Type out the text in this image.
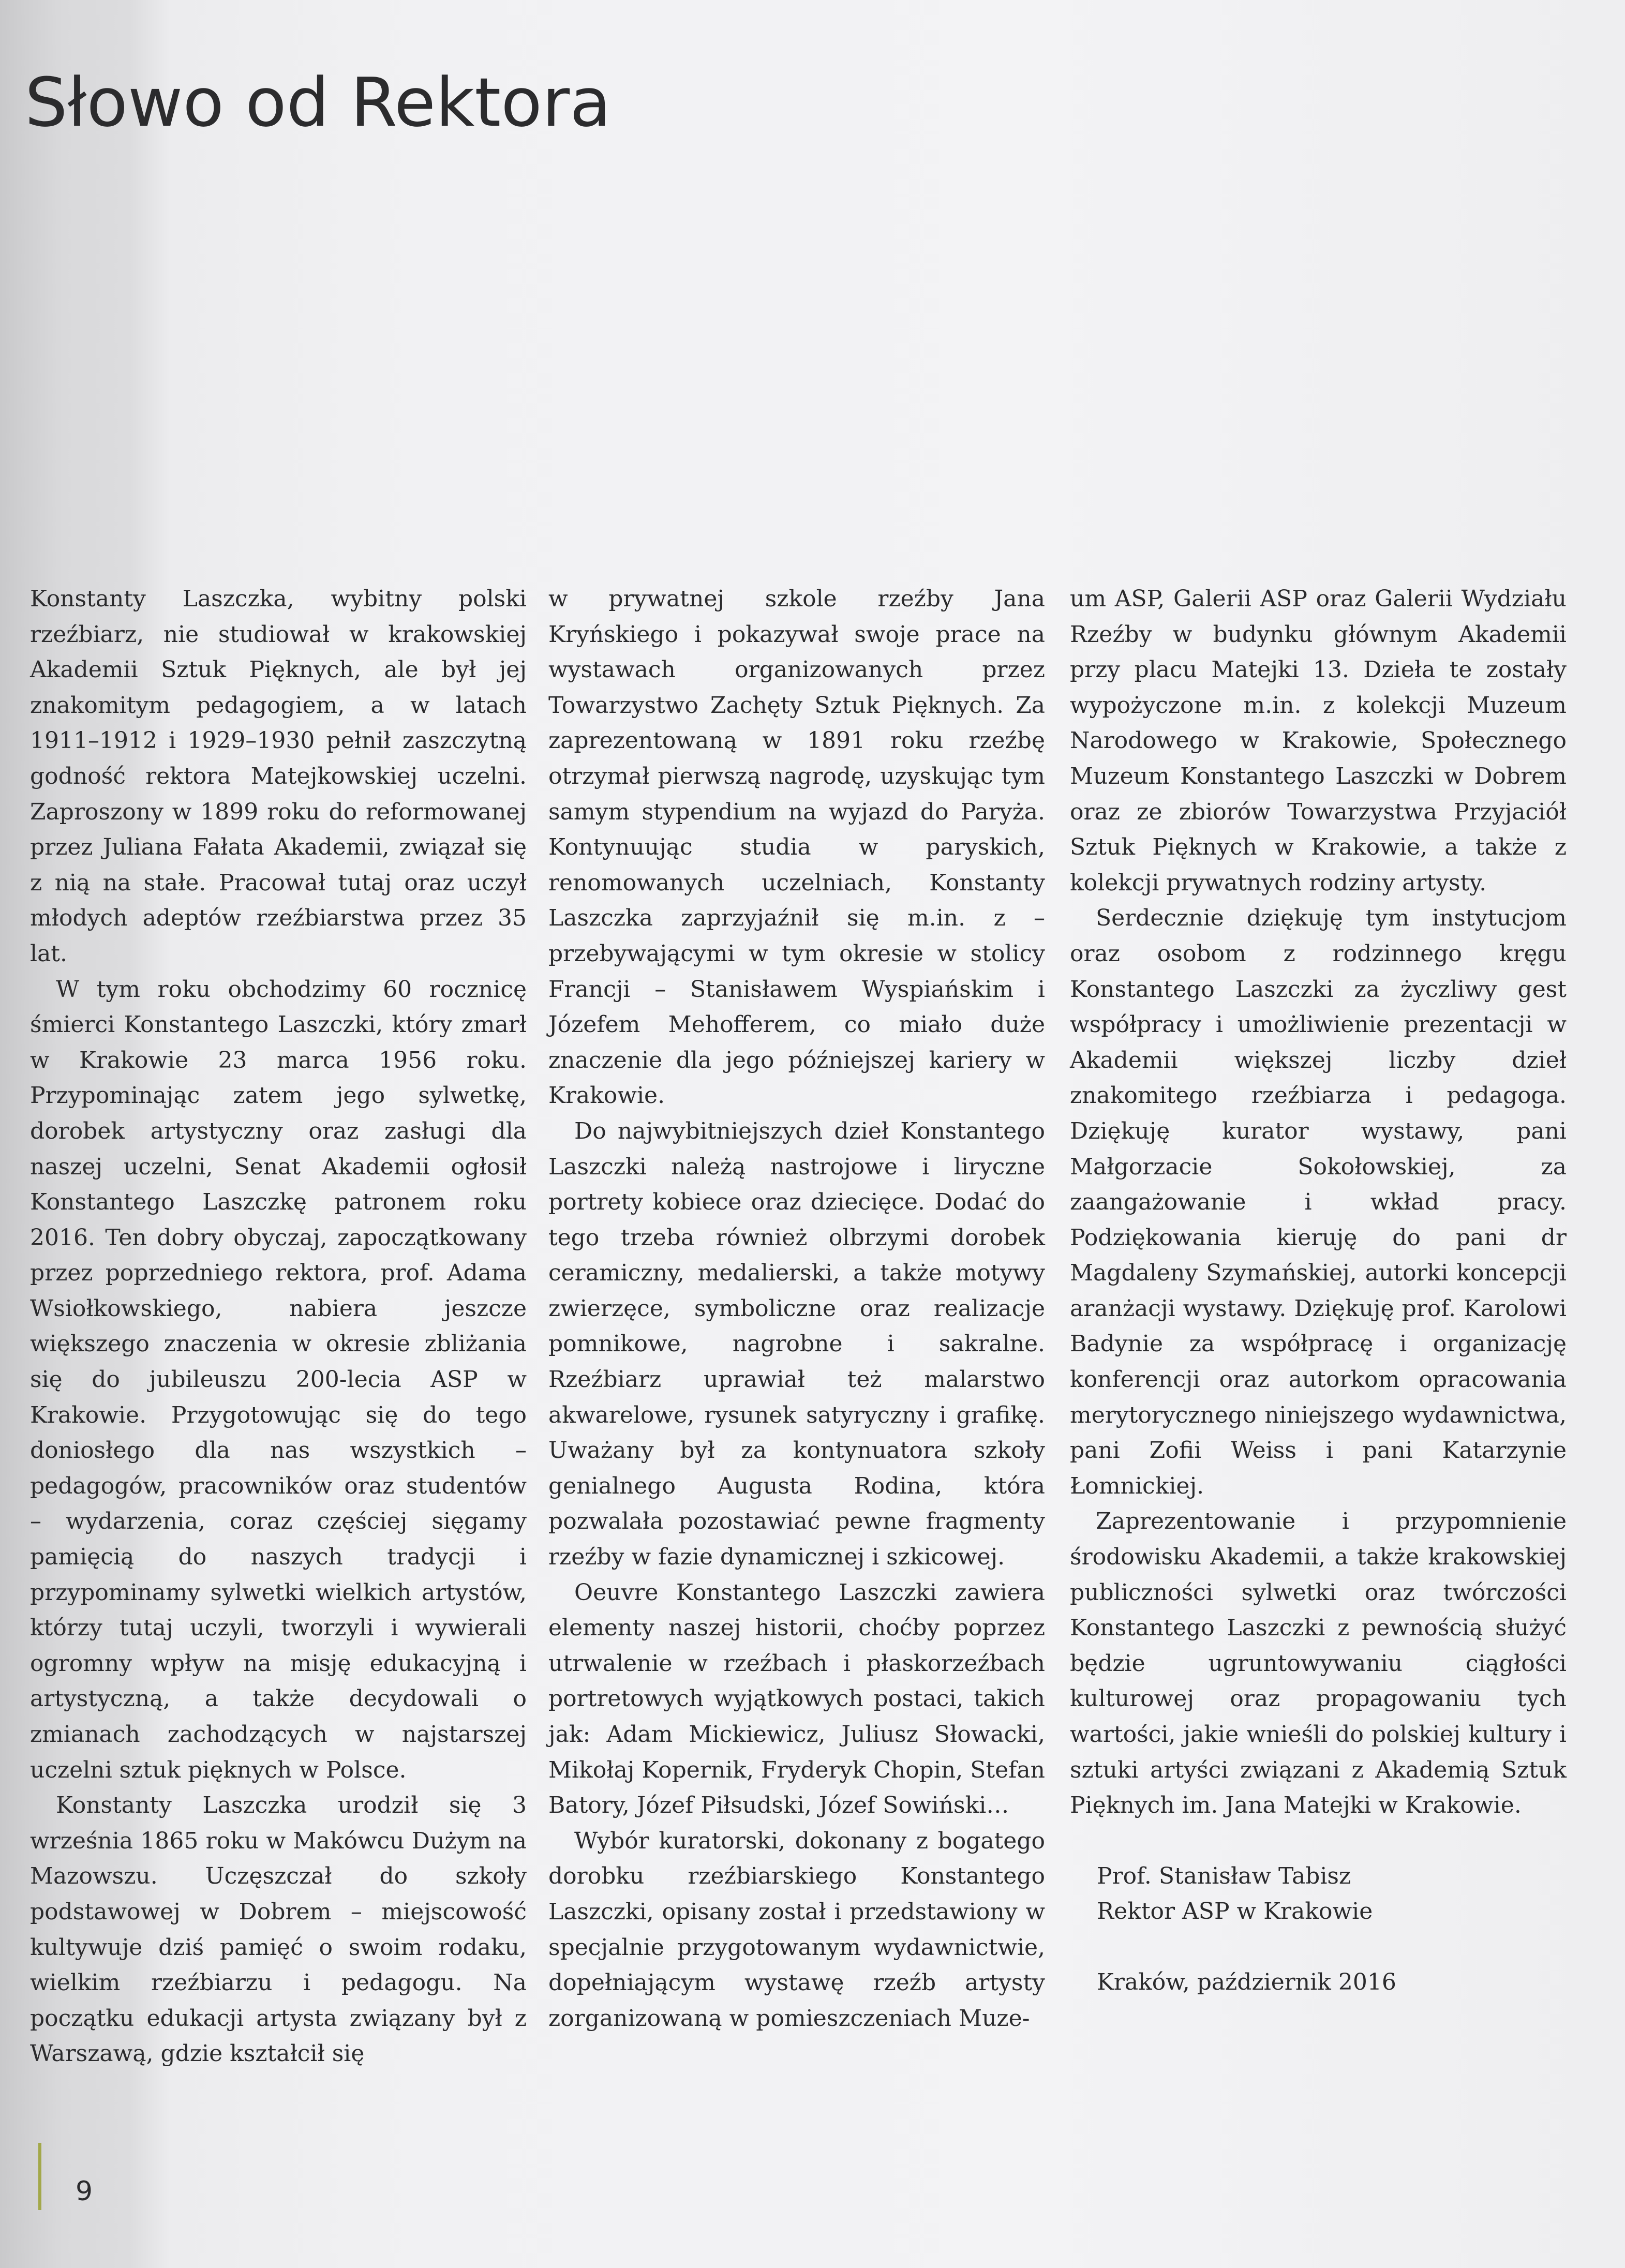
Słowo od Rektora

Konstanty Laszczka, wybitny polski rzeźbiarz, nie studiował w krakowskiej Akademii Sztuk Pięknych, ale był jej znakomitym pedagogiem, a w latach 1911–1912 i 1929–1930 pełnił zaszczytną godność rektora Matejkowskiej uczelni. Zaproszony w 1899 roku do reformowanej przez Juliana Fałata Akademii, związał się z nią na stałe. Pracował tutaj oraz uczył młodych adeptów rzeźbiarstwa przez 35 lat.

W tym roku obchodzimy 60 rocznicę śmierci Konstantego Laszczki, który zmarł w Krakowie 23 marca 1956 roku. Przypominając zatem jego sylwetkę, dorobek artystyczny oraz zasługi dla naszej uczelni, Senat Akademii ogłosił Konstantego Laszczkę patronem roku 2016. Ten dobry obyczaj, zapoczątkowany przez poprzedniego rektora, prof. Adama Wsiołkowskiego, nabiera jeszcze większego znaczenia w okresie zbliżania się do jubileuszu 200-lecia ASP w Krakowie. Przygotowując się do tego doniosłego dla nas wszystkich – pedagogów, pracowników oraz studentów – wydarzenia, coraz częściej sięgamy pamięcią do naszych tradycji i przypominamy sylwetki wielkich artystów, którzy tutaj uczyli, tworzyli i wywierali ogromny wpływ na misję edukacyjną i artystyczną, a także decydowali o zmianach zachodzących w najstarszej uczelni sztuk pięknych w Polsce.

Konstanty Laszczka urodził się 3 września 1865 roku w Makówcu Dużym na Mazowszu. Uczęszczał do szkoły podstawowej w Dobrem – miejscowość kultywuje dziś pamięć o swoim rodaku, wielkim rzeźbiarzu i pedagogu. Na początku edukacji artysta związany był z Warszawą, gdzie kształcił się

w prywatnej szkole rzeźby Jana Kryńskiego i pokazywał swoje prace na wystawach organizowanych przez Towarzystwo Zachęty Sztuk Pięknych. Za zaprezentowaną w 1891 roku rzeźbę otrzymał pierwszą nagrodę, uzyskując tym samym stypendium na wyjazd do Paryża. Kontynuując studia w paryskich, renomowanych uczelniach, Konstanty Laszczka zaprzyjaźnił się m.in. z – przebywającymi w tym okresie w stolicy Francji – Stanisławem Wyspiańskim i Józefem Mehofferem, co miało duże znaczenie dla jego późniejszej kariery w Krakowie.

Do najwybitniejszych dzieł Konstantego Laszczki należą nastrojowe i liryczne portrety kobiece oraz dziecięce. Dodać do tego trzeba również olbrzymi dorobek ceramiczny, medalierski, a także motywy zwierzęce, symboliczne oraz realizacje pomnikowe, nagrobne i sakralne. Rzeźbiarz uprawiał też malarstwo akwarelowe, rysunek satyryczny i grafikę. Uważany był za kontynuatora szkoły genialnego Augusta Rodina, która pozwalała pozostawiać pewne fragmenty rzeźby w fazie dynamicznej i szkicowej.

Oeuvre Konstantego Laszczki zawiera elementy naszej historii, choćby poprzez utrwalenie w rzeźbach i płaskorzeźbach portretowych wyjątkowych postaci, takich jak: Adam Mickiewicz, Juliusz Słowacki, Mikołaj Kopernik, Fryderyk Chopin, Stefan Batory, Józef Piłsudski, Józef Sowiński…

Wybór kuratorski, dokonany z bogatego dorobku rzeźbiarskiego Konstantego Laszczki, opisany został i przedstawiony w specjalnie przygotowanym wydawnictwie, dopełniającym wystawę rzeźb artysty zorganizowaną w pomieszczeniach Muze-

um ASP, Galerii ASP oraz Galerii Wydziału Rzeźby w budynku głównym Akademii przy placu Matejki 13. Dzieła te zostały wypożyczone m.in. z kolekcji Muzeum Narodowego w Krakowie, Społecznego Muzeum Konstantego Laszczki w Dobrem oraz ze zbiorów Towarzystwa Przyjaciół Sztuk Pięknych w Krakowie, a także z kolekcji prywatnych rodziny artysty.

Serdecznie dziękuję tym instytucjom oraz osobom z rodzinnego kręgu Konstantego Laszczki za życzliwy gest współpracy i umożliwienie prezentacji w Akademii większej liczby dzieł znakomitego rzeźbiarza i pedagoga. Dziękuję kurator wystawy, pani Małgorzacie Sokołowskiej, za zaangażowanie i wkład pracy. Podziękowania kieruję do pani dr Magdaleny Szymańskiej, autorki koncepcji aranżacji wystawy. Dziękuję prof. Karolowi Badynie za współpracę i organizację konferencji oraz autorkom opracowania merytorycznego niniejszego wydawnictwa, pani Zofii Weiss i pani Katarzynie Łomnickiej.

Zaprezentowanie i przypomnienie środowisku Akademii, a także krakowskiej publiczności sylwetki oraz twórczości Konstantego Laszczki z pewnością służyć będzie ugruntowywaniu ciągłości kulturowej oraz propagowaniu tych wartości, jakie wnieśli do polskiej kultury i sztuki artyści związani z Akademią Sztuk Pięknych im. Jana Matejki w Krakowie.

Prof. Stanisław Tabisz
Rektor ASP w Krakowie
Kraków, październik 2016
9
